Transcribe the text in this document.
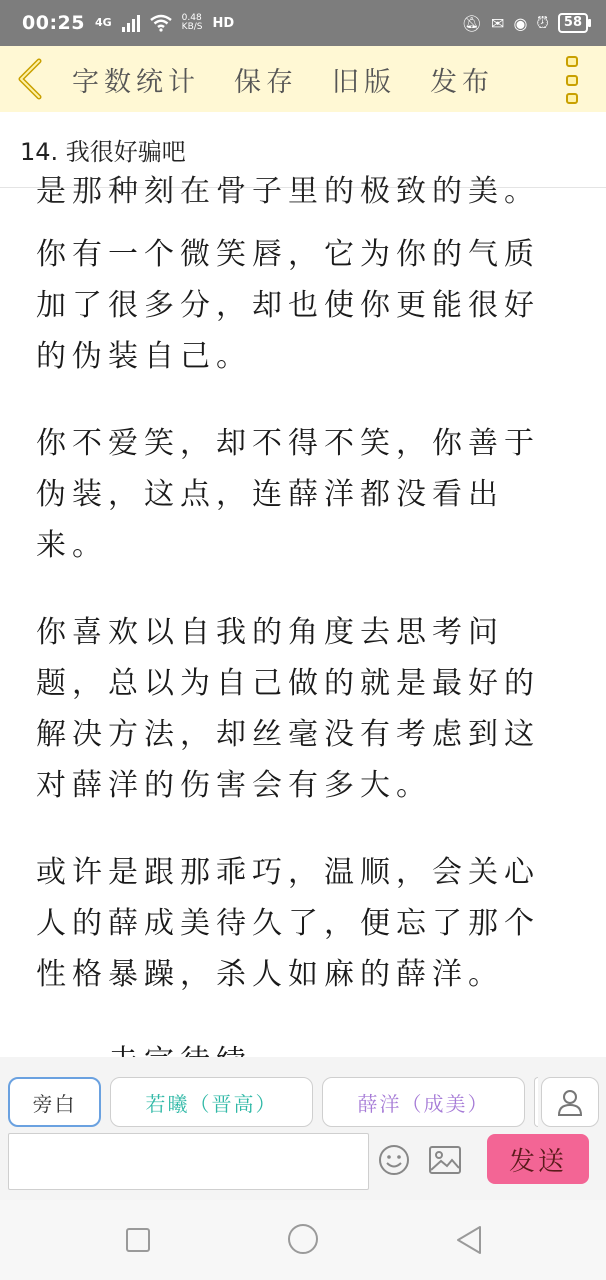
00:25 4G	0.48
KB/S HD	🔕︎ ✉︎ ◉ ⏰︎	58
字数统计 保存 旧版 发布
14. 我很好骗吧
是那种刻在骨子里的极致的美。

你有一个微笑唇，它为你的气质加了很多分，却也使你更能很好的伪装自己。

你不爱笑，却不得不笑，你善于伪装，这点，连薛洋都没看出来。

你喜欢以自我的角度去思考问题，总以为自己做的就是最好的解决方法，却丝毫没有考虑到这对薛洋的伤害会有多大。

或许是跟那乖巧，温顺，会关心人的薛成美待久了，便忘了那个性格暴躁，杀人如麻的薛洋。

旁白	若曦（晋高）	薛洋（成美）
发送
